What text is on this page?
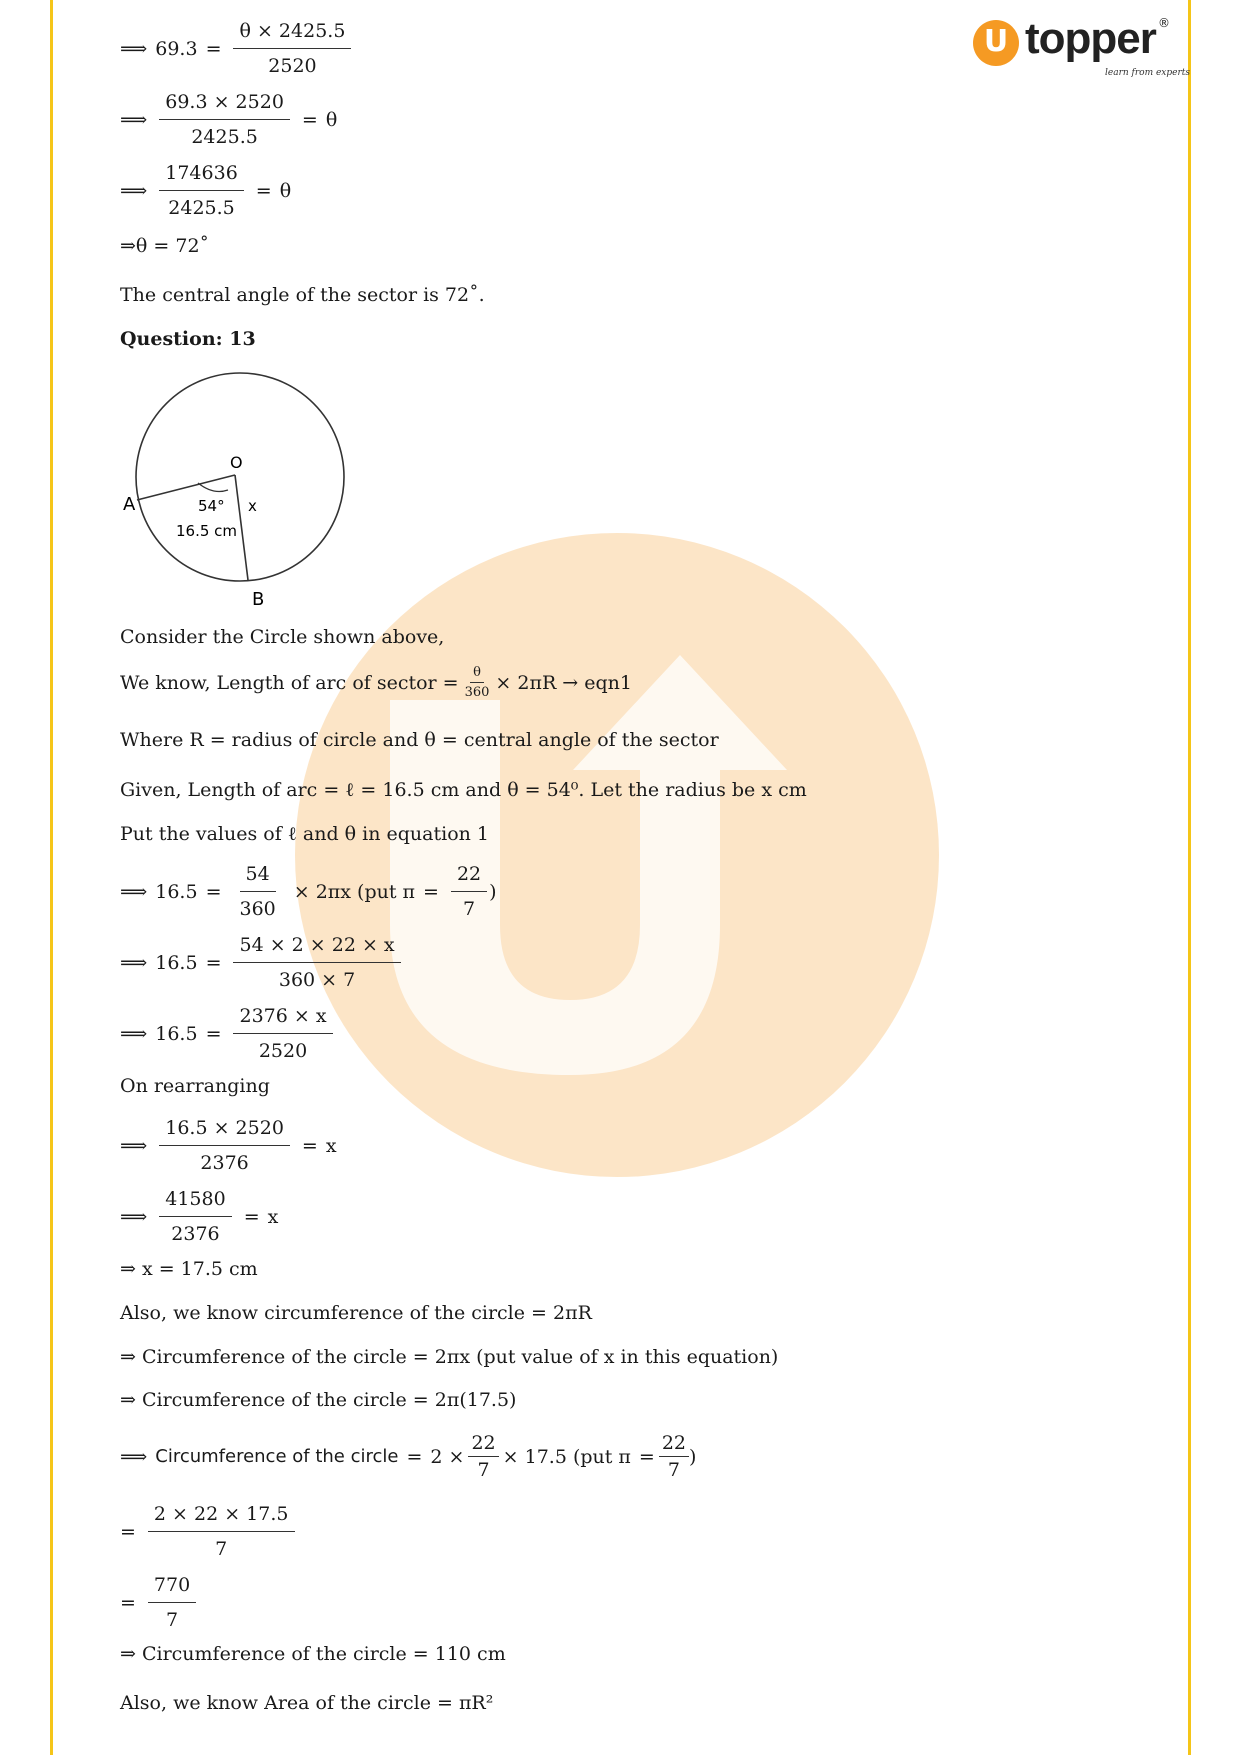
U topper ®
learn from experts
⟹ $69.3 = \frac{\theta \times 2425.5}{2520}$
⟹ $\frac{69.3 \times 2520}{2425.5} = \theta$
⟹ $\frac{174636}{2425.5} = \theta$
⇒θ = 72˚
The central angle of the sector is 72˚.
Question: 13
O
A
B
54° x
16.5 cm
Consider the Circle shown above,
We know, Length of arc of sector = $\frac{\theta}{360} \times 2\pi R \to eqn1$
Where R = radius of circle and θ = central angle of the sector
Given, Length of arc = ℓ = 16.5 cm and θ = 54⁰. Let the radius be x cm
Put the values of ℓ and θ in equation 1
⟹ $16.5 = \frac{54}{360} \times 2\pi x$ (put $\pi = \frac{22}{7}$ )
⟹ $16.5 = \frac{54 \times 2 \times 22 \times x}{360 \times 7}$
⟹ $16.5 = \frac{2376 \times x}{2520}$
On rearranging
⟹ $\frac{16.5 \times 2520}{2376} = x$
⟹ $\frac{41580}{2376} = x$
⇒ x = 17.5 cm
Also, we know circumference of the circle = 2πR
⇒ Circumference of the circle = 2πx (put value of x in this equation)
⇒ Circumference of the circle = 2π(17.5)
⟹ Circumference of the circle = $2 \times \frac{22}{7} \times 17.5$ (put $\pi = \frac{22}{7}$ )
= $\frac{2 \times 22 \times 17.5}{7}$
= $\frac{770}{7}$
⇒ Circumference of the circle = 110 cm
Also, we know Area of the circle = πR²
